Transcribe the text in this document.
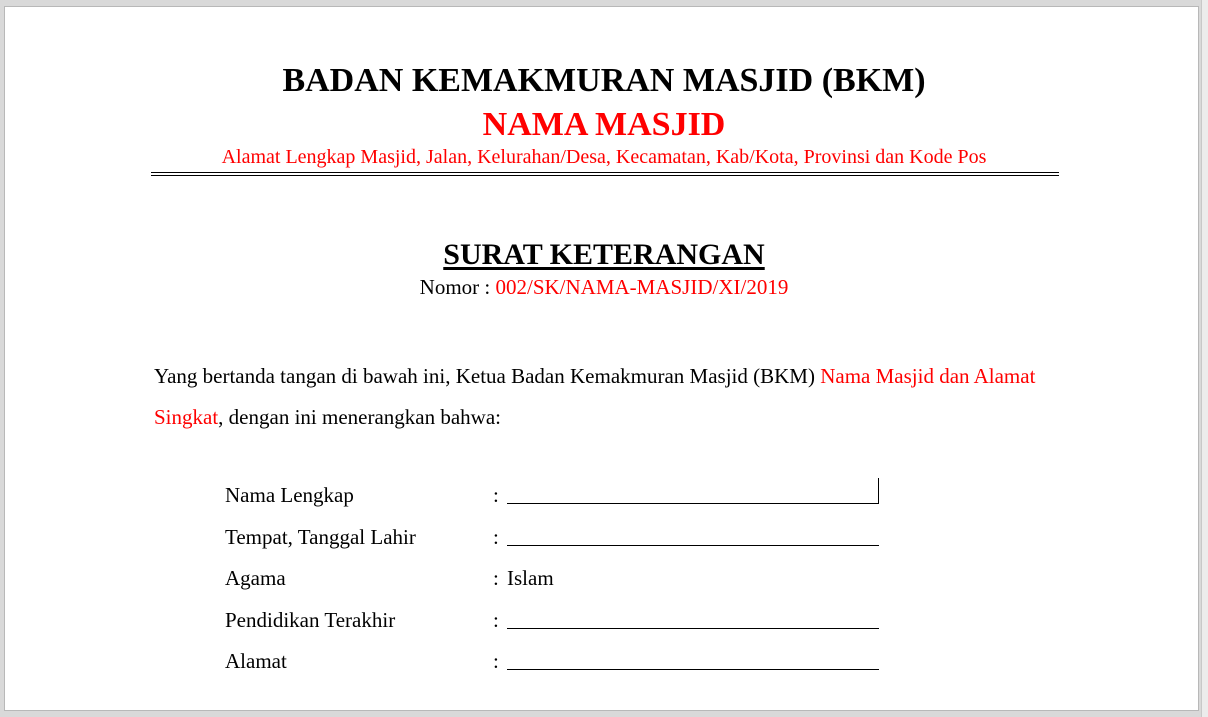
BADAN KEMAKMURAN MASJID (BKM)
NAMA MASJID
Alamat Lengkap Masjid, Jalan, Kelurahan/Desa, Kecamatan, Kab/Kota, Provinsi dan Kode Pos
SURAT KETERANGAN
Nomor : 002/SK/NAMA-MASJID/XI/2019
Yang bertanda tangan di bawah ini, Ketua Badan Kemakmuran Masjid (BKM) Nama Masjid dan Alamat Singkat, dengan ini menerangkan bahwa:
Nama Lengkap	:
Tempat, Tanggal Lahir	:
Agama	: Islam
Pendidikan Terakhir	:
Alamat	:
